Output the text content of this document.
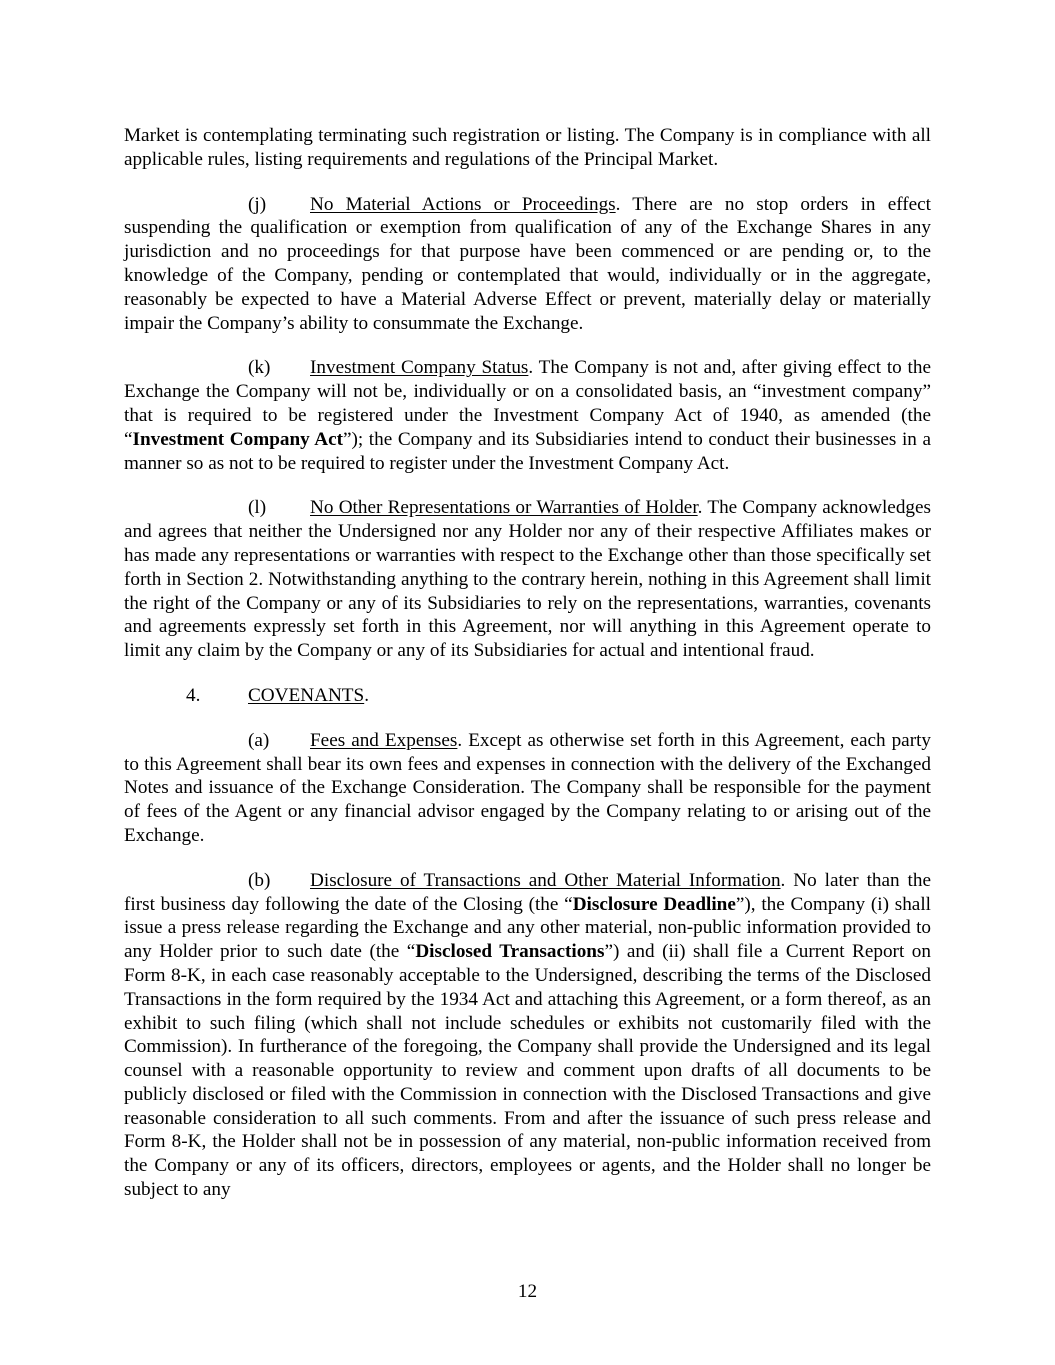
Market is contemplating terminating such registration or listing. The Company is in compliance with all applicable rules, listing requirements and regulations of the Principal Market.

(j) No Material Actions or Proceedings. There are no stop orders in effect suspending the qualification or exemption from qualification of any of the Exchange Shares in any jurisdiction and no proceedings for that purpose have been commenced or are pending or, to the knowledge of the Company, pending or contemplated that would, individually or in the aggregate, reasonably be expected to have a Material Adverse Effect or prevent, materially delay or materially impair the Company’s ability to consummate the Exchange.

(k) Investment Company Status. The Company is not and, after giving effect to the Exchange the Company will not be, individually or on a consolidated basis, an “investment company” that is required to be registered under the Investment Company Act of 1940, as amended (the “Investment Company Act”); the Company and its Subsidiaries intend to conduct their businesses in a manner so as not to be required to register under the Investment Company Act.

(l) No Other Representations or Warranties of Holder. The Company acknowledges and agrees that neither the Undersigned nor any Holder nor any of their respective Affiliates makes or has made any representations or warranties with respect to the Exchange other than those specifically set forth in Section 2. Notwithstanding anything to the contrary herein, nothing in this Agreement shall limit the right of the Company or any of its Subsidiaries to rely on the representations, warranties, covenants and agreements expressly set forth in this Agreement, nor will anything in this Agreement operate to limit any claim by the Company or any of its Subsidiaries for actual and intentional fraud.

4. COVENANTS.

(a) Fees and Expenses. Except as otherwise set forth in this Agreement, each party to this Agreement shall bear its own fees and expenses in connection with the delivery of the Exchanged Notes and issuance of the Exchange Consideration. The Company shall be responsible for the payment of fees of the Agent or any financial advisor engaged by the Company relating to or arising out of the Exchange.

(b) Disclosure of Transactions and Other Material Information. No later than the first business day following the date of the Closing (the “Disclosure Deadline”), the Company (i) shall issue a press release regarding the Exchange and any other material, non-public information provided to any Holder prior to such date (the “Disclosed Transactions”) and (ii) shall file a Current Report on Form 8-K, in each case reasonably acceptable to the Undersigned, describing the terms of the Disclosed Transactions in the form required by the 1934 Act and attaching this Agreement, or a form thereof, as an exhibit to such filing (which shall not include schedules or exhibits not customarily filed with the Commission). In furtherance of the foregoing, the Company shall provide the Undersigned and its legal counsel with a reasonable opportunity to review and comment upon drafts of all documents to be publicly disclosed or filed with the Commission in connection with the Disclosed Transactions and give reasonable consideration to all such comments. From and after the issuance of such press release and Form 8-K, the Holder shall not be in possession of any material, non-public information received from the Company or any of its officers, directors, employees or agents, and the Holder shall no longer be subject to any

12
